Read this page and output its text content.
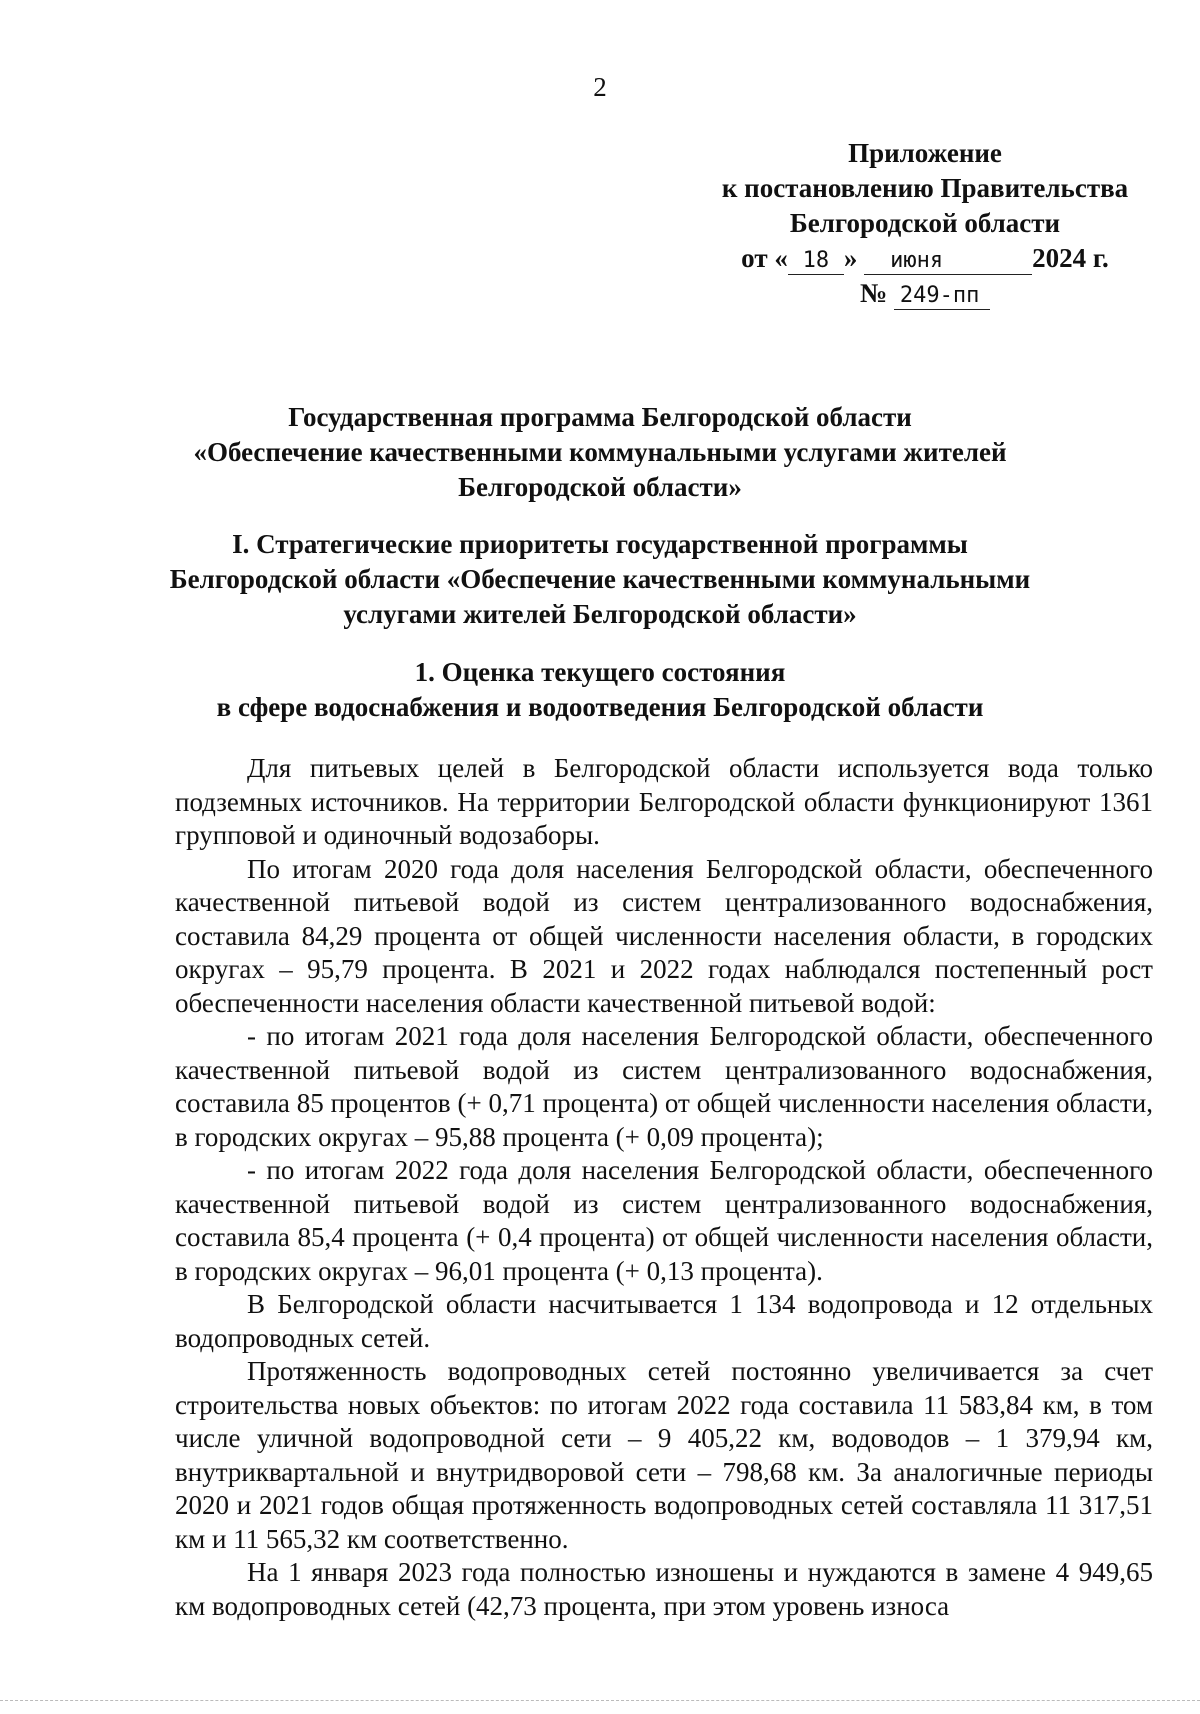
2
Приложение
к постановлению Правительства
Белгородской области
от « 18 » июня	2024 г.
№ 249-пп
Государственная программа Белгородской области
«Обеспечение качественными коммунальными услугами жителей
Белгородской области»
I. Стратегические приоритеты государственной программы
Белгородской области «Обеспечение качественными коммунальными
услугами жителей Белгородской области»
1. Оценка текущего состояния
в сфере водоснабжения и водоотведения Белгородской области

Для питьевых целей в Белгородской области используется вода только подземных источников. На территории Белгородской области функционируют 1361 групповой и одиночный водозаборы.

По итогам 2020 года доля населения Белгородской области, обеспеченного качественной питьевой водой из систем централизованного водоснабжения, составила 84,29 процента от общей численности населения области, в городских округах – 95,79 процента. В 2021 и 2022 годах наблюдался постепенный рост обеспеченности населения области качественной питьевой водой:

- по итогам 2021 года доля населения Белгородской области, обеспеченного качественной питьевой водой из систем централизованного водоснабжения, составила 85 процентов (+ 0,71 процента) от общей численности населения области, в городских округах – 95,88 процента (+ 0,09 процента);

- по итогам 2022 года доля населения Белгородской области, обеспеченного качественной питьевой водой из систем централизованного водоснабжения, составила 85,4 процента (+ 0,4 процента) от общей численности населения области, в городских округах – 96,01 процента (+ 0,13 процента).

В Белгородской области насчитывается 1 134 водопровода и 12 отдельных водопроводных сетей.

Протяженность водопроводных сетей постоянно увеличивается за счет строительства новых объектов: по итогам 2022 года составила 11 583,84 км, в том числе уличной водопроводной сети – 9 405,22 км, водоводов – 1 379,94 км, внутриквартальной и внутридворовой сети – 798,68 км. За аналогичные периоды 2020 и 2021 годов общая протяженность водопроводных сетей составляла 11 317,51 км и 11 565,32 км соответственно.

На 1 января 2023 года полностью изношены и нуждаются в замене 4 949,65 км водопроводных сетей (42,73 процента, при этом уровень износа
